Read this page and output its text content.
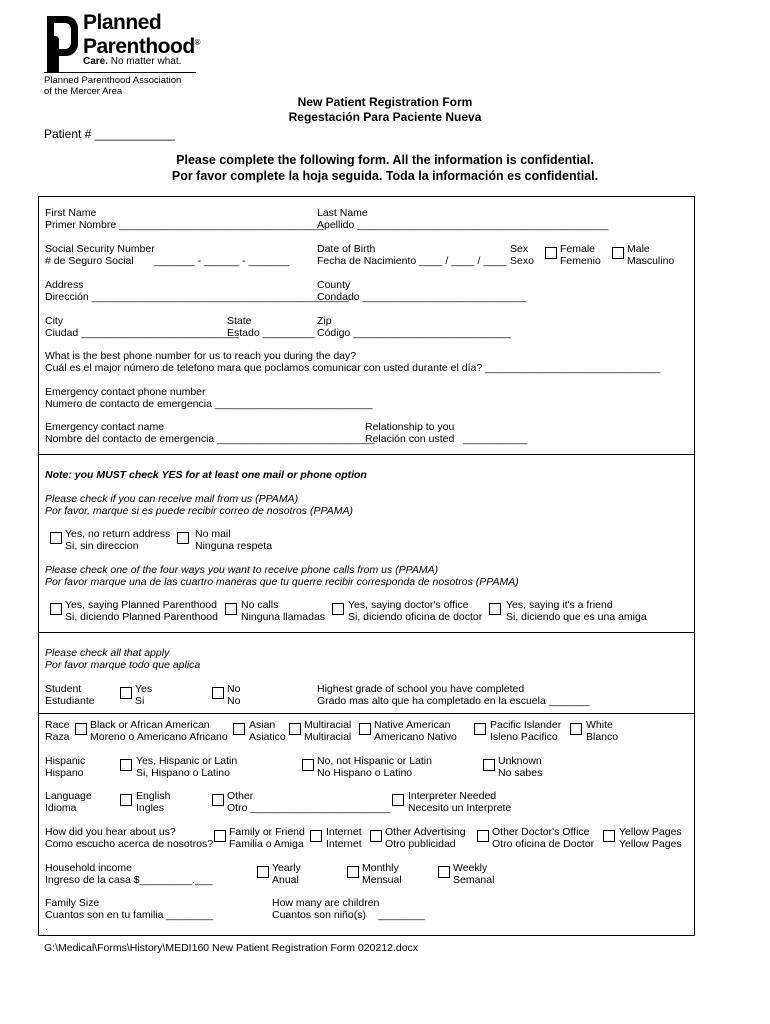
Planned
Parenthood®
Care. No matter what.
Planned Parenthood Association
of the Mercer Area
New Patient Registration Form
Regestación Para Paciente Nueva
Patient # ____________
Please complete the following form. All the information is confidential.
Por favor complete la hoja seguida. Toda la información es confidential.
First Name
Primer Nombre ___________________________________
Last Name
Apellido ___________________________________________
Social Security Number
# de Seguro Social	_______ - ______ - _______
Date of Birth
Fecha de Nacimiento ____ / ____ / ____
Sex
Sexo
Female
Femenio
Male
Masculino
Address
Dirección ____________________________________________
County
Condado ____________________________
City
Ciudad ___________________________
State
Estado _________
Zip
Código ___________________________
What is the best phone number for us to reach you during the day?
Cuál es el major número de telefono mara que poclamos comunicar con usted durante el día? ______________________________
Emergency contact phone number
Numero de contacto de emergencia ___________________________
Emergency contact name
Nombre del contacto de emergencia ___________________________
Relationship to you
Relación con usted ___________
Note: you MUST check YES for at least one mail or phone option
Please check if you can receive mail from us (PPAMA)
Por favor, marque si es puede recibir correo de nosotros (PPAMA)
Yes, no return address
Si, sin direccion
No mail
Ninguna respeta
Please check one of the four ways you want to receive phone calls from us (PPAMA)
Por favor marque una de las cuartro maneras que tu querre recibir corresponda de nosotros (PPAMA)
Yes, saying Planned Parenthood
Si, diciendo Planned Parenthood
No calls
Ninguna llamadas
Yes, saying doctor's office
Si, diciendo oficina de doctor
Yes, saying it's a friend
Si, diciendo que es una amiga
Please check all that apply
Por favor marque todo que aplica
Student
Estudiante
Yes
Si
No
No
Highest grade of school you have completed
Grado mas alto que ha completado en la escuela _______
Race
Raza
Black or African American
Moreno o Americano Africano
Asian
Asiatico
Multiracial
Multiracial
Native American
Americano Nativo
Pacific Islander
Isleno Pacifico
White
Blanco
Hispanic
Hispano
Yes, Hispanic or Latin
Si, Hispano o Latino
No, not Hispanic or Latin
No Hispano o Latino
Unknown
No sabes
Language
Idioma
English
Ingles
Other
Otro ________________________
Interpreter Needed
Necesito un Interprete
How did you hear about us?
Como escucho acerca de nosotros?
Family or Friend
Familia o Amiga
Internet
Internet
Other Advertising
Otro publicidad
Other Doctor's Office
Otro oficina de Doctor
Yellow Pages
Yellow Pages
Household income
Ingreso de la casa $_________.___
Yearly
Anual
Monthly
Mensual
Weekly
Semanal
Family Size
Cuantos son en tu familia ________
How many are children
Cuantos son niño(s)	________
.
G:\Medical\Forms\History\MEDI160 New Patient Registration Form 020212.docx
